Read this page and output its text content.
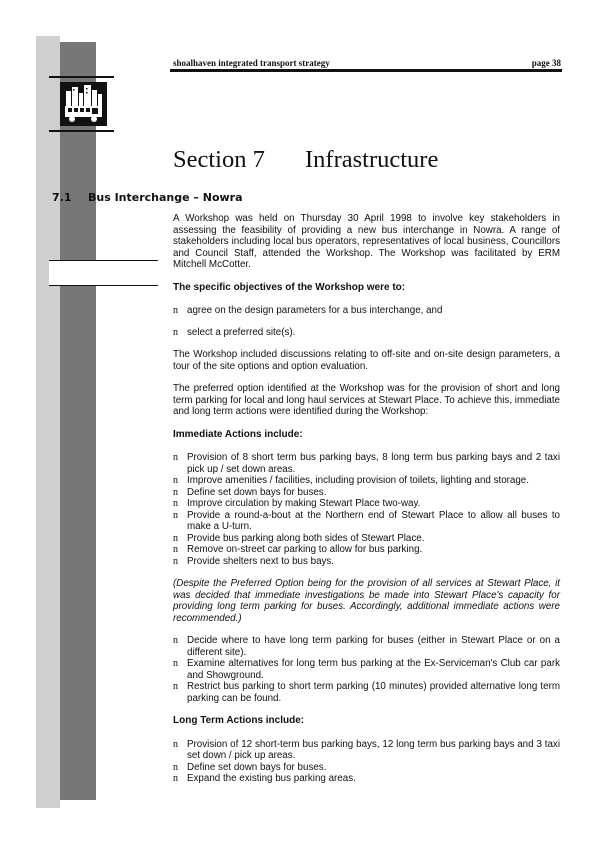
shoalhaven integrated transport strategy	page 38
Section 7 Infrastructure
7.1 Bus Interchange – Nowra

A Workshop was held on Thursday 30 April 1998 to involve key stakeholders in assessing the feasibility of providing a new bus interchange in Nowra. A range of stakeholders including local bus operators, representatives of local business, Councillors and Council Staff, attended the Workshop. The Workshop was facilitated by ERM Mitchell McCotter.

The specific objectives of the Workshop were to:

n agree on the design parameters for a bus interchange, and
n select a preferred site(s).

The Workshop included discussions relating to off-site and on-site design parameters, a tour of the site options and option evaluation.

The preferred option identified at the Workshop was for the provision of short and long term parking for local and long haul services at Stewart Place. To achieve this, immediate and long term actions were identified during the Workshop:

Immediate Actions include:

n Provision of 8 short term bus parking bays, 8 long term bus parking bays and 2 taxi pick up / set down areas.
n Improve amenities / facilities, including provision of toilets, lighting and storage.
n Define set down bays for buses.
n Improve circulation by making Stewart Place two-way.
n Provide a round-a-bout at the Northern end of Stewart Place to allow all buses to make a U-turn.
n Provide bus parking along both sides of Stewart Place.
n Remove on-street car parking to allow for bus parking.
n Provide shelters next to bus bays.

(Despite the Preferred Option being for the provision of all services at Stewart Place, it was decided that immediate investigations be made into Stewart Place's capacity for providing long term parking for buses. Accordingly, additional immediate actions were recommended.)

n Decide where to have long term parking for buses (either in Stewart Place or on a different site).
n Examine alternatives for long term bus parking at the Ex-Serviceman's Club car park and Showground.
n Restrict bus parking to short term parking (10 minutes) provided alternative long term parking can be found.

Long Term Actions include:

n Provision of 12 short-term bus parking bays, 12 long term bus parking bays and 3 taxi set down / pick up areas.
n Define set down bays for buses.
n Expand the existing bus parking areas.
